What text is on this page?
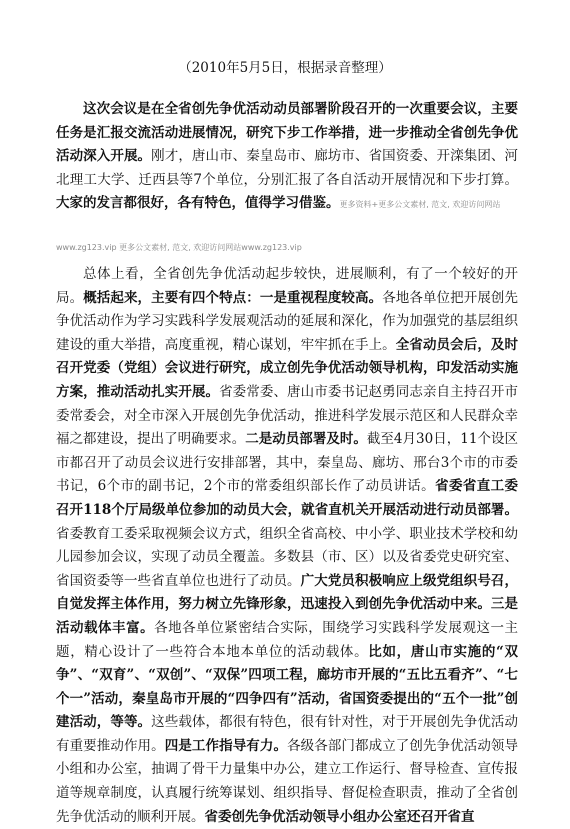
（2010年5月5日，根据录音整理）

这次会议是在全省创先争优活动动员部署阶段召开的一次重要会议，主要任务是汇报交流活动进展情况，研究下步工作举措，进一步推动全省创先争优活动深入开展。刚才，唐山市、秦皇岛市、廊坊市、省国资委、开滦集团、河北理工大学、迁西县等7个单位，分别汇报了各自活动开展情况和下步打算。大家的发言都很好，各有特色，值得学习借鉴。更多资料+更多公文素材, 范文, 欢迎访问网站

www.zg123.vip 更多公文素材, 范文, 欢迎访问网站www.zg123.vip

总体上看，全省创先争优活动起步较快，进展顺利，有了一个较好的开局。概括起来，主要有四个特点：一是重视程度较高。各地各单位把开展创先争优活动作为学习实践科学发展观活动的延展和深化，作为加强党的基层组织建设的重大举措，高度重视，精心谋划，牢牢抓在手上。全省动员会后，及时召开党委（党组）会议进行研究，成立创先争优活动领导机构，印发活动实施方案，推动活动扎实开展。省委常委、唐山市委书记赵勇同志亲自主持召开市委常委会，对全市深入开展创先争优活动，推进科学发展示范区和人民群众幸福之都建设，提出了明确要求。二是动员部署及时。截至4月30日，11个设区市都召开了动员会议进行安排部署，其中，秦皇岛、廊坊、邢台3个市的市委书记，6个市的副书记，2个市的常委组织部长作了动员讲话。省委省直工委召开118个厅局级单位参加的动员大会，就省直机关开展活动进行动员部署。省委教育工委采取视频会议方式，组织全省高校、中小学、职业技术学校和幼儿园参加会议，实现了动员全覆盖。多数县（市、区）以及省委党史研究室、省国资委等一些省直单位也进行了动员。广大党员积极响应上级党组织号召，自觉发挥主体作用，努力树立先锋形象，迅速投入到创先争优活动中来。三是活动载体丰富。各地各单位紧密结合实际，围绕学习实践科学发展观这一主题，精心设计了一些符合本地本单位的活动载体。比如，唐山市实施的“双争”、“双育”、“双创”、“双保”四项工程，廊坊市开展的“五比五看齐”、“七个一”活动，秦皇岛市开展的“四争四有”活动，省国资委提出的“五个一批”创建活动，等等。这些载体，都很有特色，很有针对性，对于开展创先争优活动有重要推动作用。四是工作指导有力。各级各部门都成立了创先争优活动领导小组和办公室，抽调了骨干力量集中办公，建立工作运行、督导检查、宣传报道等规章制度，认真履行统筹谋划、组织指导、督促检查职责，推动了全省创先争优活动的顺利开展。省委创先争优活动领导小组办公室还召开省直
